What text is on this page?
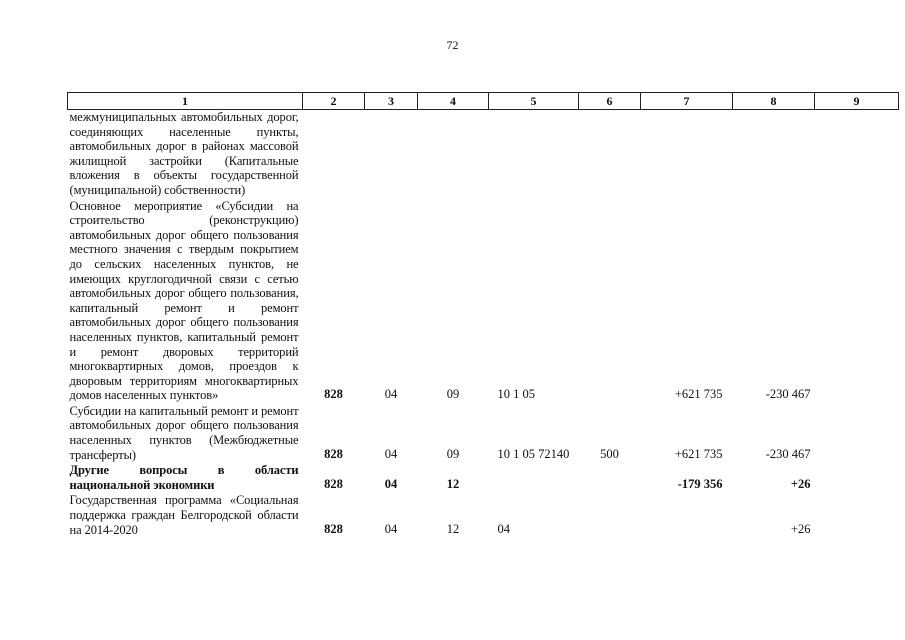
72
1	2	3	4	5	6	7	8	9
межмуниципальных автомобильных дорог, соединяющих населенные пункты, автомобильных дорог в районах массовой жилищной застройки (Капитальные вложения в объекты государственной (муниципальной) собственности)								
Основное мероприятие «Субсидии на строительство (реконструкцию) автомобильных дорог общего пользования местного значения с твердым покрытием до сельских населенных пунктов, не имеющих круглогодичной связи с сетью автомобильных дорог общего пользования, капитальный ремонт и ремонт автомобильных дорог общего пользования населенных пунктов, капитальный ремонт и ремонт дворовых территорий многоквартирных домов, проездов к дворовым территориям многоквартирных домов населенных пунктов»	828	04	09	10 1 05		+621 735	-230 467	
Субсидии на капитальный ремонт и ремонт автомобильных дорог общего пользования населенных пунктов (Межбюджетные трансферты)	828	04	09	10 1 05 72140	500	+621 735	-230 467	
Другие вопросы в области национальной экономики	828	04	12			-179 356	+26	
Государственная программа «Социальная поддержка граждан Белгородской области на 2014-2020	828	04	12	04			+26	
